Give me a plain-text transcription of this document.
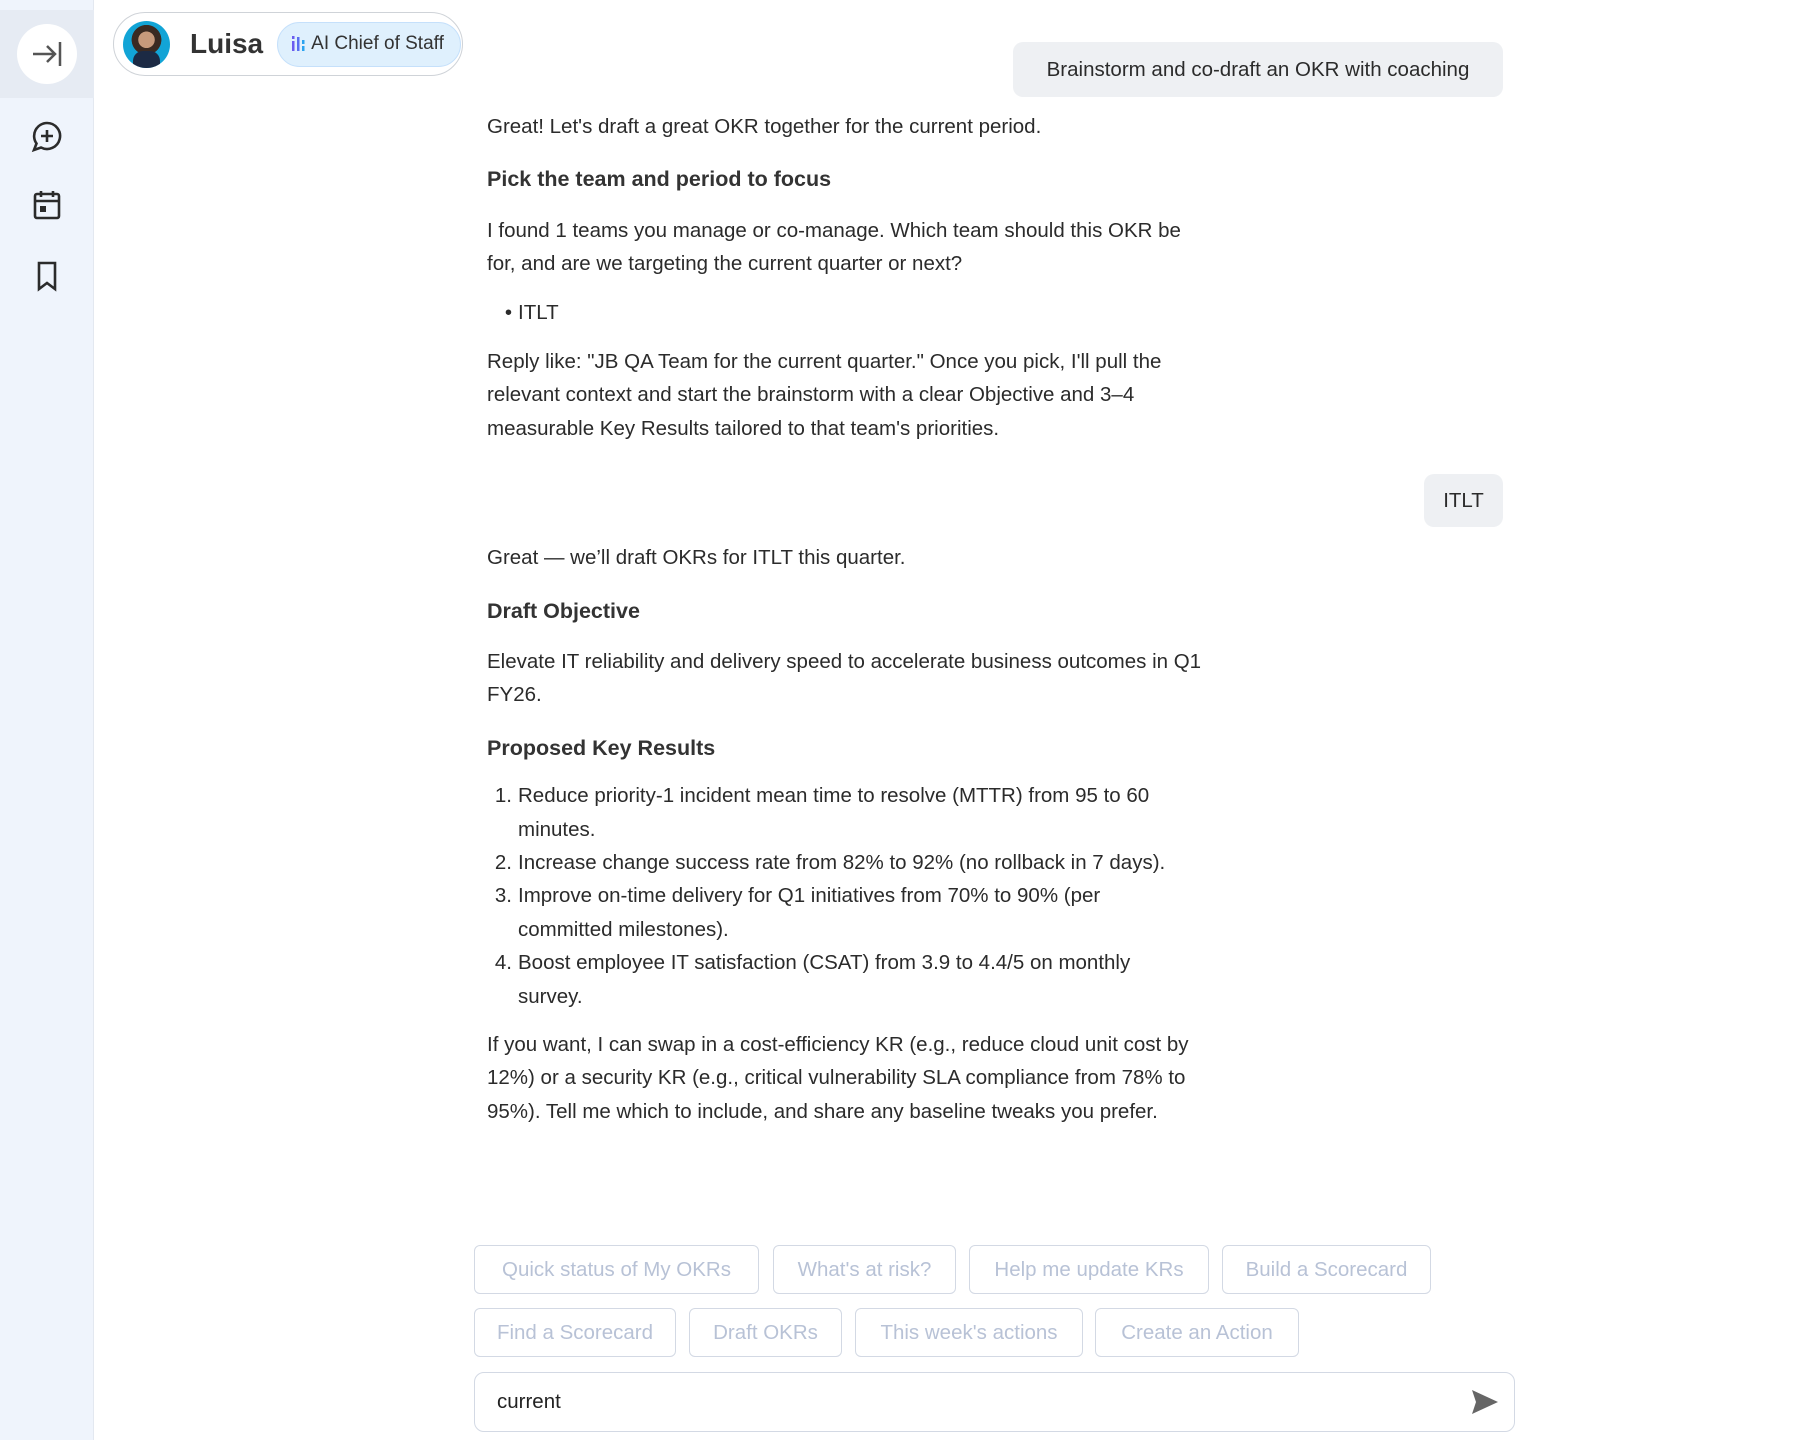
Luisa	AI Chief of Staff
Brainstorm and co-draft an OKR with coaching
Great! Let's draft a great OKR together for the current period.
Pick the team and period to focus
I found 1 teams you manage or co-manage. Which team should this OKR be
for, and are we targeting the current quarter or next?
• ITLT
Reply like: "JB QA Team for the current quarter." Once you pick, I'll pull the
relevant context and start the brainstorm with a clear Objective and 3–4
measurable Key Results tailored to that team's priorities.
ITLT
Great — we’ll draft OKRs for ITLT this quarter.
Draft Objective
Elevate IT reliability and delivery speed to accelerate business outcomes in Q1
FY26.
Proposed Key Results
1. Reduce priority-1 incident mean time to resolve (MTTR) from 95 to 60
minutes.
2. Increase change success rate from 82% to 92% (no rollback in 7 days).
3. Improve on-time delivery for Q1 initiatives from 70% to 90% (per
committed milestones).
4. Boost employee IT satisfaction (CSAT) from 3.9 to 4.4/5 on monthly
survey.
If you want, I can swap in a cost-efficiency KR (e.g., reduce cloud unit cost by
12%) or a security KR (e.g., critical vulnerability SLA compliance from 78% to
95%). Tell me which to include, and share any baseline tweaks you prefer.
Quick status of My OKRs	What's at risk?	Help me update KRs	Build a Scorecard
Find a Scorecard	Draft OKRs	This week's actions	Create an Action
current
